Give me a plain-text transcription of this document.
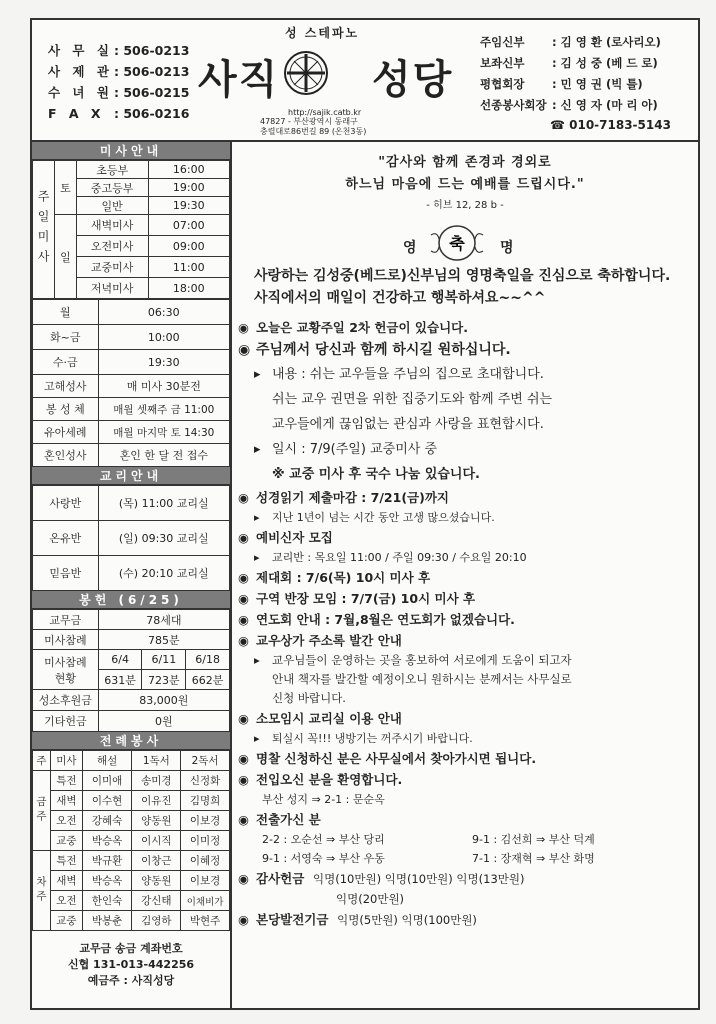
사 무 실: 506-0213
사 제 관: 506-0213
수 녀 원: 506-0215
F A X : 506-0216
성 스테파노
사직 성당
http://sajik.catb.kr
47827 - 부산광역시 동래구
충렬대로86번길 89 (온천3동)
주임신부 : 김 영 환 (로사리오)
보좌신부 : 김 성 중 (베 드 로)
평협회장 : 민 영 권 (빅 틀)
선종봉사회장 : 신 영 자 (마 리 아)
☎ 010-7183-5143
미사안내
주일미사	토	초등부	16:00
		중고등부	19:00
		일반	19:30
	일	새벽미사	07:00
		오전미사	09:00
		교중미사	11:00
		저녁미사	18:00
월	06:30
화~금	10:00
수·금	19:30
고해성사	매 미사 30분전
봉 성 체	매월 셋째주 금 11:00
유아세례	매월 마지막 토 14:30
혼인성사	혼인 한 달 전 접수
교리안내
사랑반	(목) 11:00 교리실
온유반	(일) 09:30 교리실
믿음반	(수) 20:10 교리실
봉헌 (6/25)
교무금	78세대		
미사참례	785분		

미사참례
현황	6/4	6/11	6/18
	631분	723분	662분
성소후원금	83,000원		
기타헌금	0원		
전례봉사
주	미사	해설	1독서	2독서
금주	특전	이미애	송미경	신정화
	새벽	이수현	이유진	김명희
	오전	강혜숙	양동원	이보경
	교중	박승옥	이시직	이미정
차주	특전	박규환	이창근	이혜정
	새벽	박승옥	양동원	이보경
	오전	한인숙	강신태	이채비가
	교중	박봉춘	김영하	박현주
교무금 송금 계좌번호
신협 131-013-442256
예금주 : 사직성당
"감사와 함께 존경과 경외로
하느님 마음에 드는 예배를 드립시다."
- 히브 12, 28 b -
영 축	명
사랑하는 김성중(베드로)신부님의 영명축일을 진심으로 축하합니다. 사직에서의 매일이 건강하고 행복하셔요~~^^
◉ 오늘은 교황주일 2차 헌금이 있습니다.
◉ 주님께서 당신과 함께 하시길 원하십니다.
▸ 내용 : 쉬는 교우들을 주님의 집으로 초대합니다.
쉬는 교우 권면을 위한 집중기도와 함께 주변 쉬는
교우들에게 끊임없는 관심과 사랑을 표현합시다.
▸ 일시 : 7/9(주일) 교중미사 중
※ 교중 미사 후 국수 나눔 있습니다.
◉ 성경읽기 제출마감 : 7/21(금)까지
▸ 지난 1년이 넘는 시간 동안 고생 많으셨습니다.
◉ 예비신자 모집
▸ 교리반 : 목요일 11:00 / 주일 09:30 / 수요일 20:10
◉ 제대회 : 7/6(목) 10시 미사 후
◉ 구역 반장 모임 : 7/7(금) 10시 미사 후
◉ 연도회 안내 : 7월,8월은 연도회가 없겠습니다.
◉ 교우상가 주소록 발간 안내
▸ 교우님들이 운영하는 곳을 홍보하여 서로에게 도움이 되고자
안내 책자를 발간할 예정이오니 원하시는 분께서는 사무실로
신청 바랍니다.
◉ 소모임시 교리실 이용 안내
▸ 퇴실시 꼭!!! 냉방기는 꺼주시기 바랍니다.
◉ 명찰 신청하신 분은 사무실에서 찾아가시면 됩니다.
◉ 전입오신 분을 환영합니다.
부산 성지 ⇒ 2-1 : 문순옥
◉ 전출가신 분
2-2 : 오순선 ⇒ 부산 당리	9-1 : 김선희 ⇒ 부산 덕계
9-1 : 서영숙 ⇒ 부산 우동	7-1 : 장재혁 ⇒ 부산 화명
◉ 감사헌금 익명(10만원) 익명(10만원) 익명(13만원)
익명(20만원)
◉ 본당발전기금 익명(5만원) 익명(100만원)
